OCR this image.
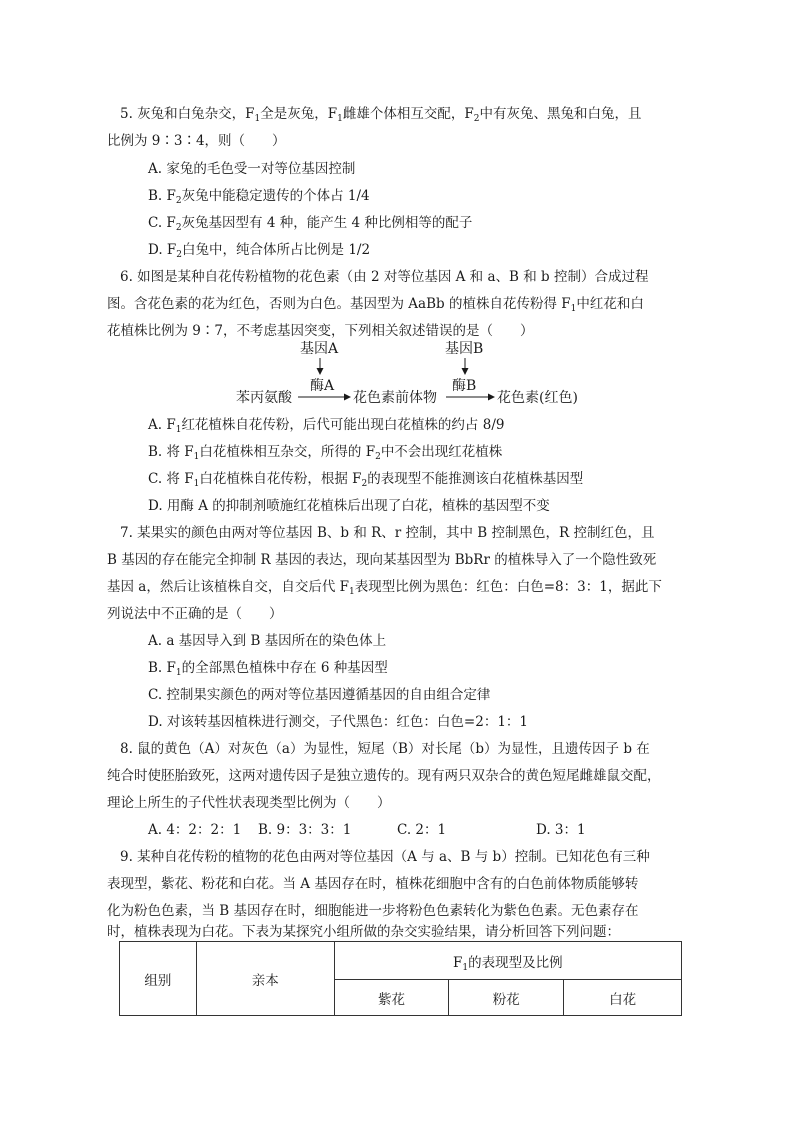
5. 灰兔和白兔杂交，$F_1$全是灰兔，$F_1$雌雄个体相互交配，$F_2$中有灰兔、黑兔和白兔，且
比例为 9∶3∶4，则（　　）
A. 家兔的毛色受一对等位基因控制
B. $F_2$灰兔中能稳定遗传的个体占 1/4
C. $F_2$灰兔基因型有 4 种，能产生 4 种比例相等的配子
D. $F_2$白兔中，纯合体所占比例是 1/2
6. 如图是某种自花传粉植物的花色素（由 2 对等位基因 A 和 a、B 和 b 控制）合成过程
图。含花色素的花为红色，否则为白色。基因型为 AaBb 的植株自花传粉得 $F_1$中红花和白
花植株比例为 9∶7，不考虑基因突变，下列相关叙述错误的是（　　）
基因A	基因B
苯丙氨酸
酶A
花色素前体物
酶B
花色素(红色)
A. $F_1$红花植株自花传粉，后代可能出现白花植株的约占 8/9
B. 将 $F_1$白花植株相互杂交，所得的 $F_2$中不会出现红花植株
C. 将 $F_1$白花植株自花传粉，根据 $F_2$的表现型不能推测该白花植株基因型
D. 用酶 A 的抑制剂喷施红花植株后出现了白花，植株的基因型不变
7. 某果实的颜色由两对等位基因 B、b 和 R、r 控制，其中 B 控制黑色，R 控制红色，且
B 基因的存在能完全抑制 R 基因的表达，现向某基因型为 BbRr 的植株导入了一个隐性致死
基因 a，然后让该植株自交，自交后代 $F_1$表现型比例为黑色：红色：白色=8：3：1，据此下
列说法中不正确的是（　　）
A. a 基因导入到 B 基因所在的染色体上
B. $F_1$的全部黑色植株中存在 6 种基因型
C. 控制果实颜色的两对等位基因遵循基因的自由组合定律
D. 对该转基因植株进行测交，子代黑色：红色：白色=2：1：1
8. 鼠的黄色（A）对灰色（a）为显性，短尾（B）对长尾（b）为显性，且遗传因子 b 在
纯合时使胚胎致死，这两对遗传因子是独立遗传的。现有两只双杂合的黄色短尾雌雄鼠交配，
理论上所生的子代性状表现类型比例为（　　）
A. 4：2：2：1 B. 9：3：3：1	C. 2：1	D. 3：1
9. 某种自花传粉的植物的花色由两对等位基因（A 与 a、B 与 b）控制。已知花色有三种
表现型，紫花、粉花和白花。当 A 基因存在时，植株花细胞中含有的白色前体物质能够转
化为粉色色素，当 B 基因存在时，细胞能进一步将粉色色素转化为紫色色素。无色素存在
时，植株表现为白花。下表为某探究小组所做的杂交实验结果，请分析回答下列问题：
组别	亲本	$F_1$的表现型及比例		
		紫花	粉花	白花
